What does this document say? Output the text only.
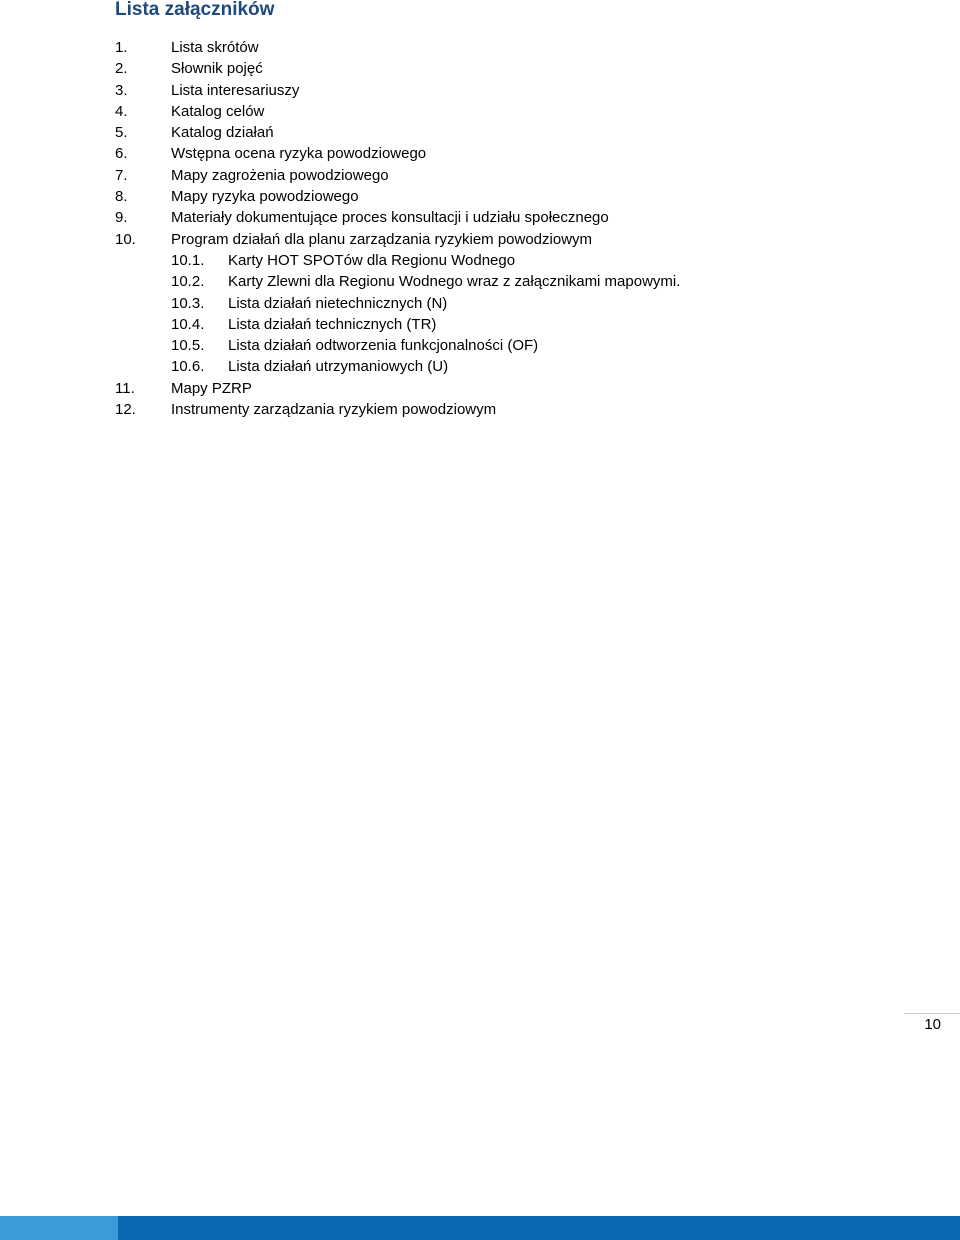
Lista załączników
1.	Lista skrótów
2.	Słownik pojęć
3.	Lista interesariuszy
4.	Katalog celów
5.	Katalog działań
6.	Wstępna ocena ryzyka powodziowego
7.	Mapy zagrożenia powodziowego
8.	Mapy ryzyka powodziowego
9.	Materiały dokumentujące proces konsultacji i udziału społecznego
10. Program działań dla planu zarządzania ryzykiem powodziowym
10.1. Karty HOT SPOTów dla Regionu Wodnego
10.2. Karty Zlewni dla Regionu Wodnego wraz z załącznikami mapowymi.
10.3. Lista działań nietechnicznych (N)
10.4. Lista działań technicznych (TR)
10.5. Lista działań odtworzenia funkcjonalności (OF)
10.6. Lista działań utrzymaniowych (U)
11. Mapy PZRP
12. Instrumenty zarządzania ryzykiem powodziowym
10
